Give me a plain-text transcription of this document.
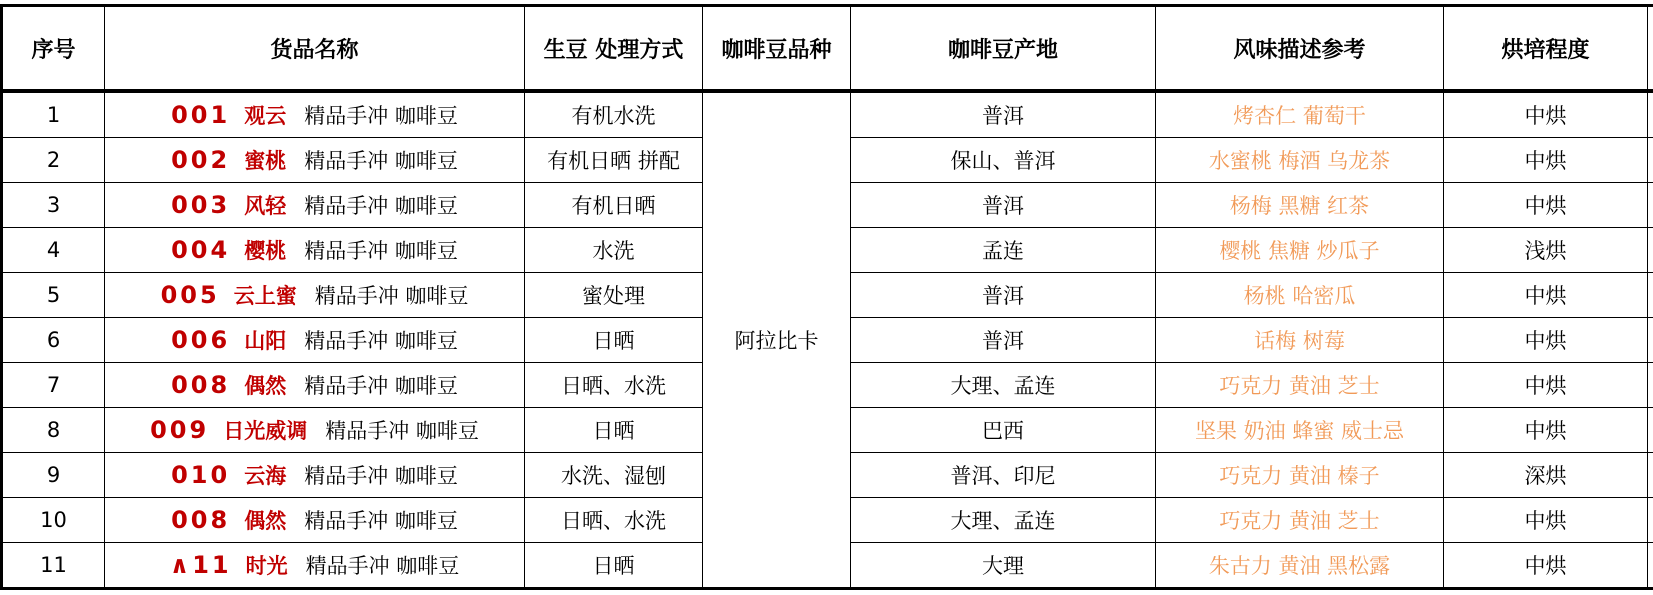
序号	货品名称	生豆 处理方式	咖啡豆品种	咖啡豆产地	风味描述参考	烘培程度	
1	001 观云 精品手冲 咖啡豆	有机水洗	阿拉比卡	普洱	烤杏仁 葡萄干	中烘	
2	002 蜜桃 精品手冲 咖啡豆	有机日晒 拼配		保山、普洱	水蜜桃 梅酒 乌龙茶	中烘	
3	003 风轻 精品手冲 咖啡豆	有机日晒		普洱	杨梅 黑糖 红茶	中烘	
4	004 樱桃 精品手冲 咖啡豆	水洗		孟连	樱桃 焦糖 炒瓜子	浅烘	
5	005 云上蜜 精品手冲 咖啡豆	蜜处理		普洱	杨桃 哈密瓜	中烘	
6	006 山阳 精品手冲 咖啡豆	日晒		普洱	话梅 树莓	中烘	
7	008 偶然 精品手冲 咖啡豆	日晒、水洗		大理、孟连	巧克力 黄油 芝士	中烘	
8	009 日光威调 精品手冲 咖啡豆	日晒		巴西	坚果 奶油 蜂蜜 威士忌	中烘	
9	010 云海 精品手冲 咖啡豆	水洗、湿刨		普洱、印尼	巧克力 黄油 榛子	深烘	
10	008 偶然 精品手冲 咖啡豆	日晒、水洗		大理、孟连	巧克力 黄油 芝士	中烘	
11	∧11 时光 精品手冲 咖啡豆	日晒		大理	朱古力 黄油 黑松露	中烘	
